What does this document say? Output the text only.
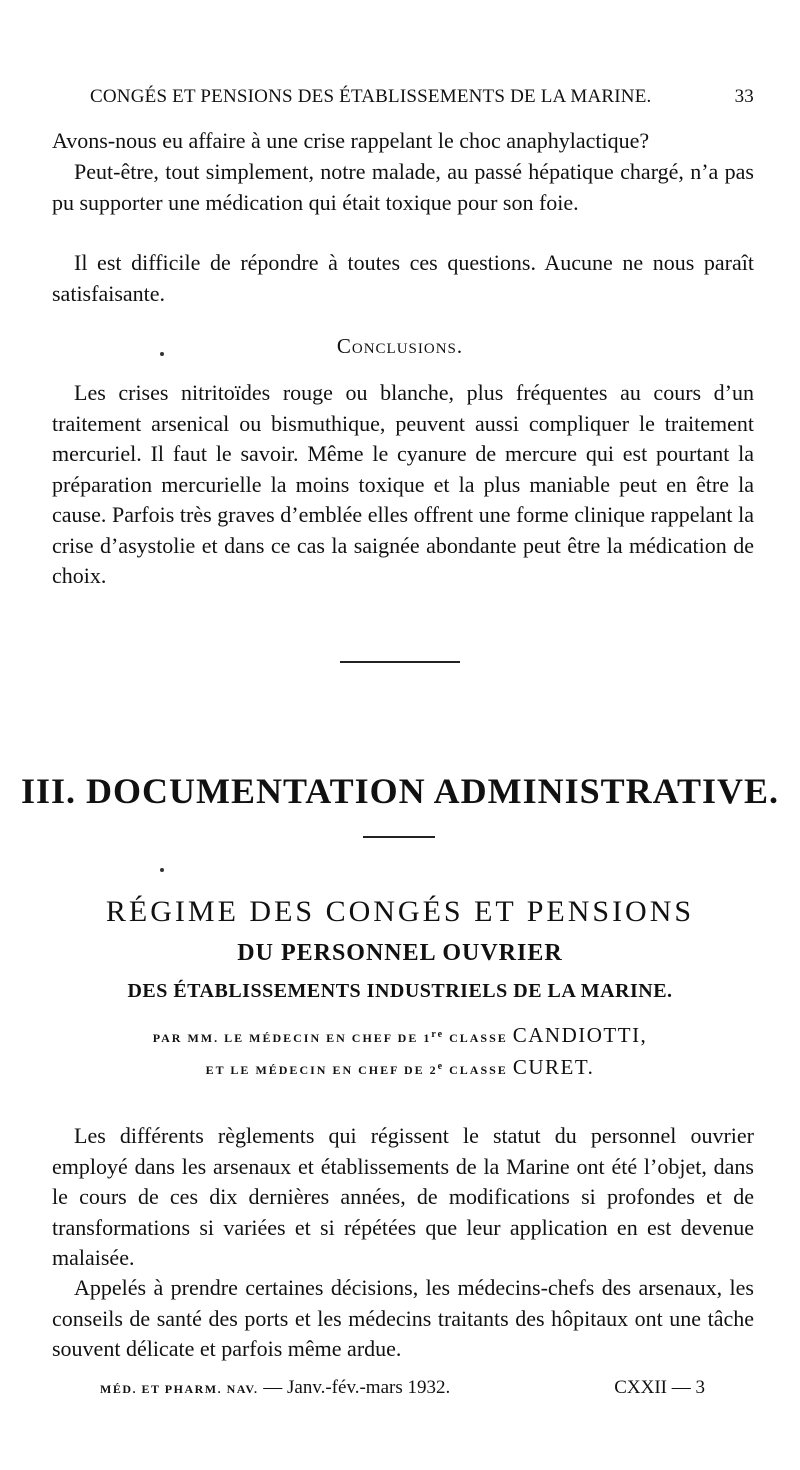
CONGÉS ET PENSIONS DES ÉTABLISSEMENTS DE LA MARINE.	33
Avons-nous eu affaire à une crise rappelant le choc anaphylactique?
Peut-être, tout simplement, notre malade, au passé hépatique chargé, n’a pas pu supporter une médication qui était toxique pour son foie.
Il est difficile de répondre à toutes ces questions. Aucune ne nous paraît satisfaisante.
Conclusions.
Les crises nitritoïdes rouge ou blanche, plus fréquentes au cours d’un traitement arsenical ou bismuthique, peuvent aussi compliquer le traitement mercuriel. Il faut le savoir. Même le cyanure de mercure qui est pourtant la préparation mercurielle la moins toxique et la plus maniable peut en être la cause. Parfois très graves d’emblée elles offrent une forme clinique rappelant la crise d’asystolie et dans ce cas la saignée abondante peut être la médication de choix.
III. DOCUMENTATION ADMINISTRATIVE.
RÉGIME DES CONGÉS ET PENSIONS
DU PERSONNEL OUVRIER
DES ÉTABLISSEMENTS INDUSTRIELS DE LA MARINE.
PAR MM. LE MÉDECIN EN CHEF DE 1re CLASSE CANDIOTTI,
ET LE MÉDECIN EN CHEF DE 2e CLASSE CURET.
Les différents règlements qui régissent le statut du personnel ouvrier employé dans les arsenaux et établissements de la Marine ont été l’objet, dans le cours de ces dix dernières années, de modifications si profondes et de transformations si variées et si répétées que leur application en est devenue malaisée.
Appelés à prendre certaines décisions, les médecins-chefs des arsenaux, les conseils de santé des ports et les médecins traitants des hôpitaux ont une tâche souvent délicate et parfois même ardue.
MÉD. ET PHARM. NAV. — Janv.-fév.-mars 1932.	CXXII — 3
